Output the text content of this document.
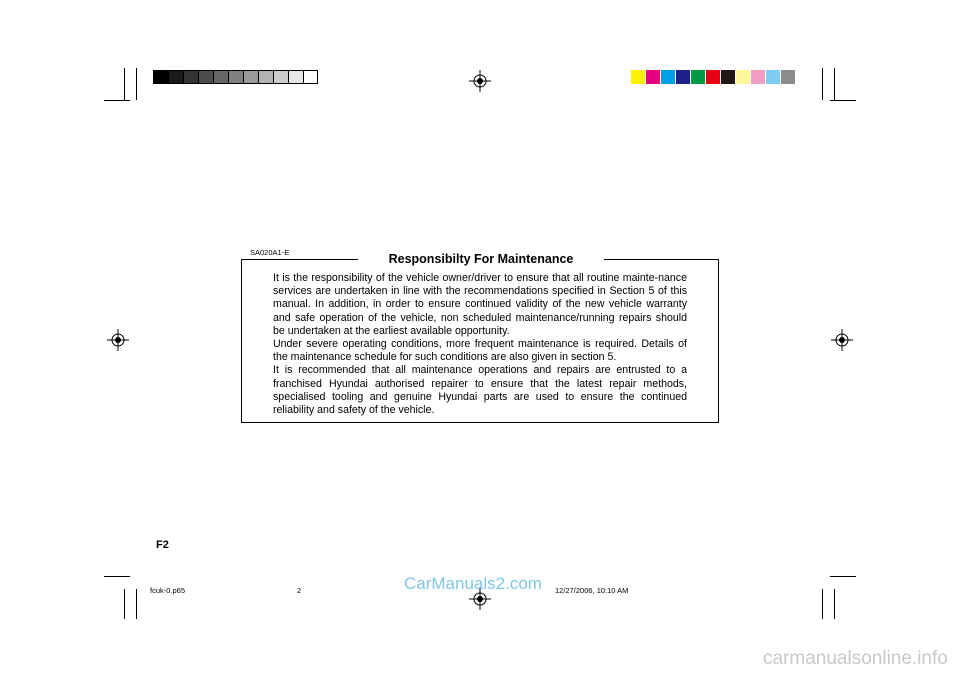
SA020A1-E	Responsibilty For Maintenance

It is the responsibility of the vehicle owner/driver to ensure that all routine mainte-nance services are undertaken in line with the recommendations specified in Section 5 of this manual. In addition, in order to ensure continued validity of the new vehicle warranty and safe operation of the vehicle, non scheduled maintenance/running repairs should be undertaken at the earliest available opportunity.

Under severe operating conditions, more frequent maintenance is required. Details of the maintenance schedule for such conditions are also given in section 5.

It is recommended that all maintenance operations and repairs are entrusted to a franchised Hyundai authorised repairer to ensure that the latest repair methods, specialised tooling and genuine Hyundai parts are used to ensure the continued reliability and safety of the vehicle.

F2
fcuk-0.p65	2	12/27/2006, 10:10 AM
CarManuals2.com
carmanualsonline.info
